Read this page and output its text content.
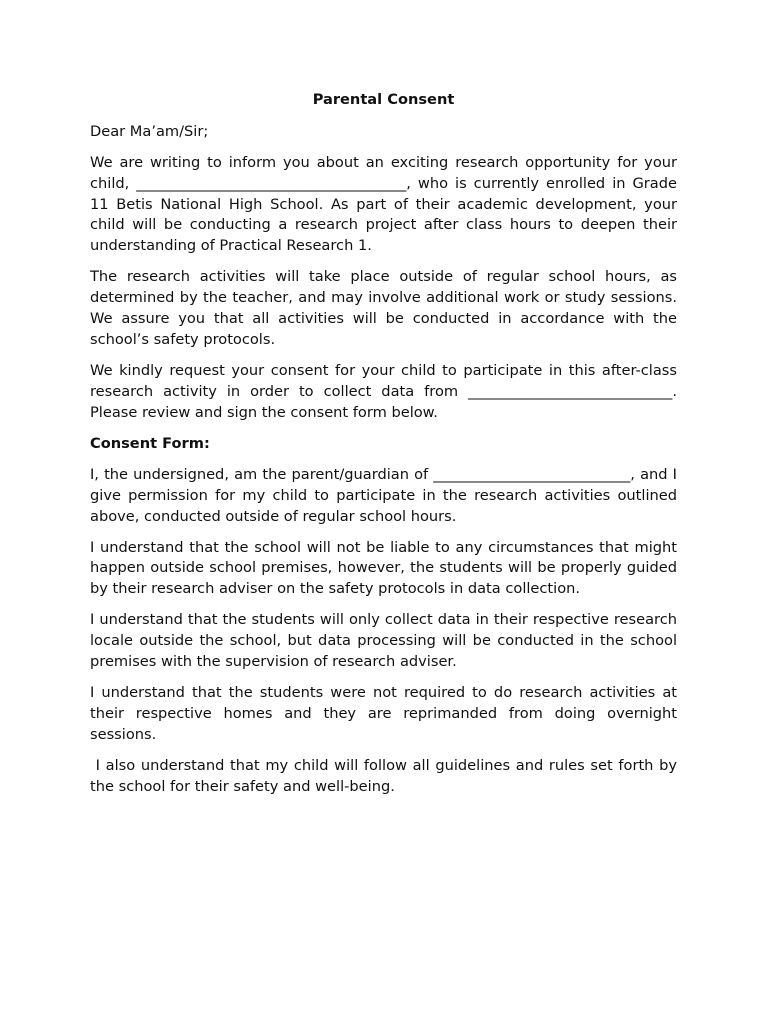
Parental Consent
Dear Ma’am/Sir;
We are writing to inform you about an exciting research opportunity for your child, _____________________________________, who is currently enrolled in Grade 11 Betis National High School. As part of their academic development, your child will be conducting a research project after class hours to deepen their understanding of Practical Research 1.
The research activities will take place outside of regular school hours, as determined by the teacher, and may involve additional work or study sessions. We assure you that all activities will be conducted in accordance with the school’s safety protocols.
We kindly request your consent for your child to participate in this after-class research activity in order to collect data from ____________________________. Please review and sign the consent form below.
Consent Form:
I, the undersigned, am the parent/guardian of ___________________________, and I give permission for my child to participate in the research activities outlined above, conducted outside of regular school hours.
I understand that the school will not be liable to any circumstances that might happen outside school premises, however, the students will be properly guided by their research adviser on the safety protocols in data collection.
I understand that the students will only collect data in their respective research locale outside the school, but data processing will be conducted in the school premises with the supervision of research adviser.
I understand that the students were not required to do research activities at their respective homes and they are reprimanded from doing overnight sessions.
I also understand that my child will follow all guidelines and rules set forth by the school for their safety and well-being.
